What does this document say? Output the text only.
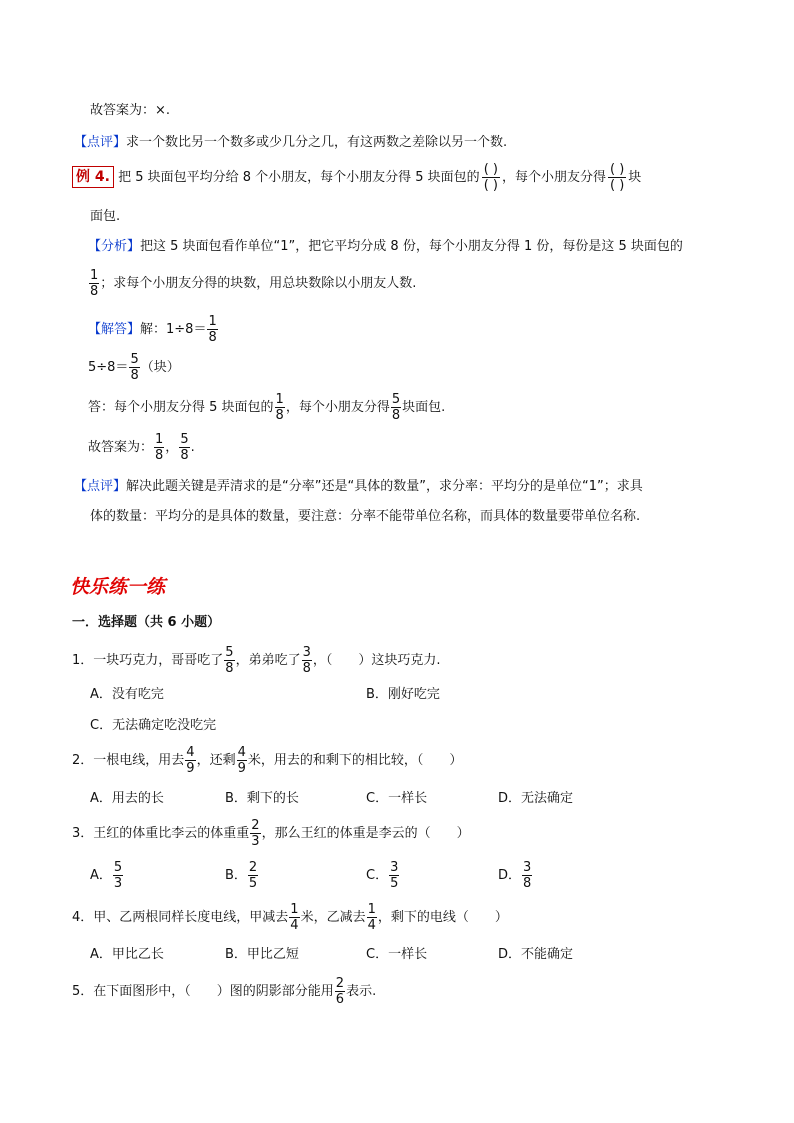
故答案为：×.
【点评】求一个数比另一个数多或少几分之几，有这两数之差除以另一个数.
例 4. 把 5 块面包平均分给 8 个小朋友，每个小朋友分得 5 块面包的 $\frac{( )}{( )}$ ，每个小朋友分得 $\frac{( )}{( )}$ 块
面包.
【分析】把这 5 块面包看作单位“1”，把它平均分成 8 份，每个小朋友分得 1 份，每份是这 5 块面包的
$\frac{1}{8}$ ；求每个小朋友分得的块数，用总块数除以小朋友人数.
【解答】解：$1\div 8= \frac{1}{8}$
$5\div 8= \frac{5}{8}$ （块）
答：每个小朋友分得 5 块面包的 $\frac{1}{8}$ ，每个小朋友分得 $\frac{5}{8}$ 块面包.
故答案为： $\frac{1}{8}$ ， $\frac{5}{8}$ .
【点评】解决此题关键是弄清求的是“分率”还是“具体的数量”，求分率：平均分的是单位“1”；求具
体的数量：平均分的是具体的数量，要注意：分率不能带单位名称，而具体的数量要带单位名称.
快乐练一练
一．选择题（共 6 小题）
1．一块巧克力，哥哥吃了 $\frac{5}{8}$ ，弟弟吃了 $\frac{3}{8}$ ，（　　）这块巧克力.
A．没有吃完	B．刚好吃完
C．无法确定吃没吃完
2．一根电线，用去 $\frac{4}{9}$ ，还剩 $\frac{4}{9}$ 米，用去的和剩下的相比较，（　　）
A．用去的长	B．剩下的长	C．一样长	D．无法确定
3．王红的体重比李云的体重重 $\frac{2}{3}$ ，那么王红的体重是李云的（　　）
A． $\frac{5}{3}$	B． $\frac{2}{5}$	C． $\frac{3}{5}$	D． $\frac{3}{8}$
4．甲、乙两根同样长度电线，甲减去 $\frac{1}{4}$ 米，乙减去 $\frac{1}{4}$ ，剩下的电线（　　）
A．甲比乙长	B．甲比乙短	C．一样长	D．不能确定
5．在下面图形中，（　　）图的阴影部分能用 $\frac{2}{6}$ 表示.
